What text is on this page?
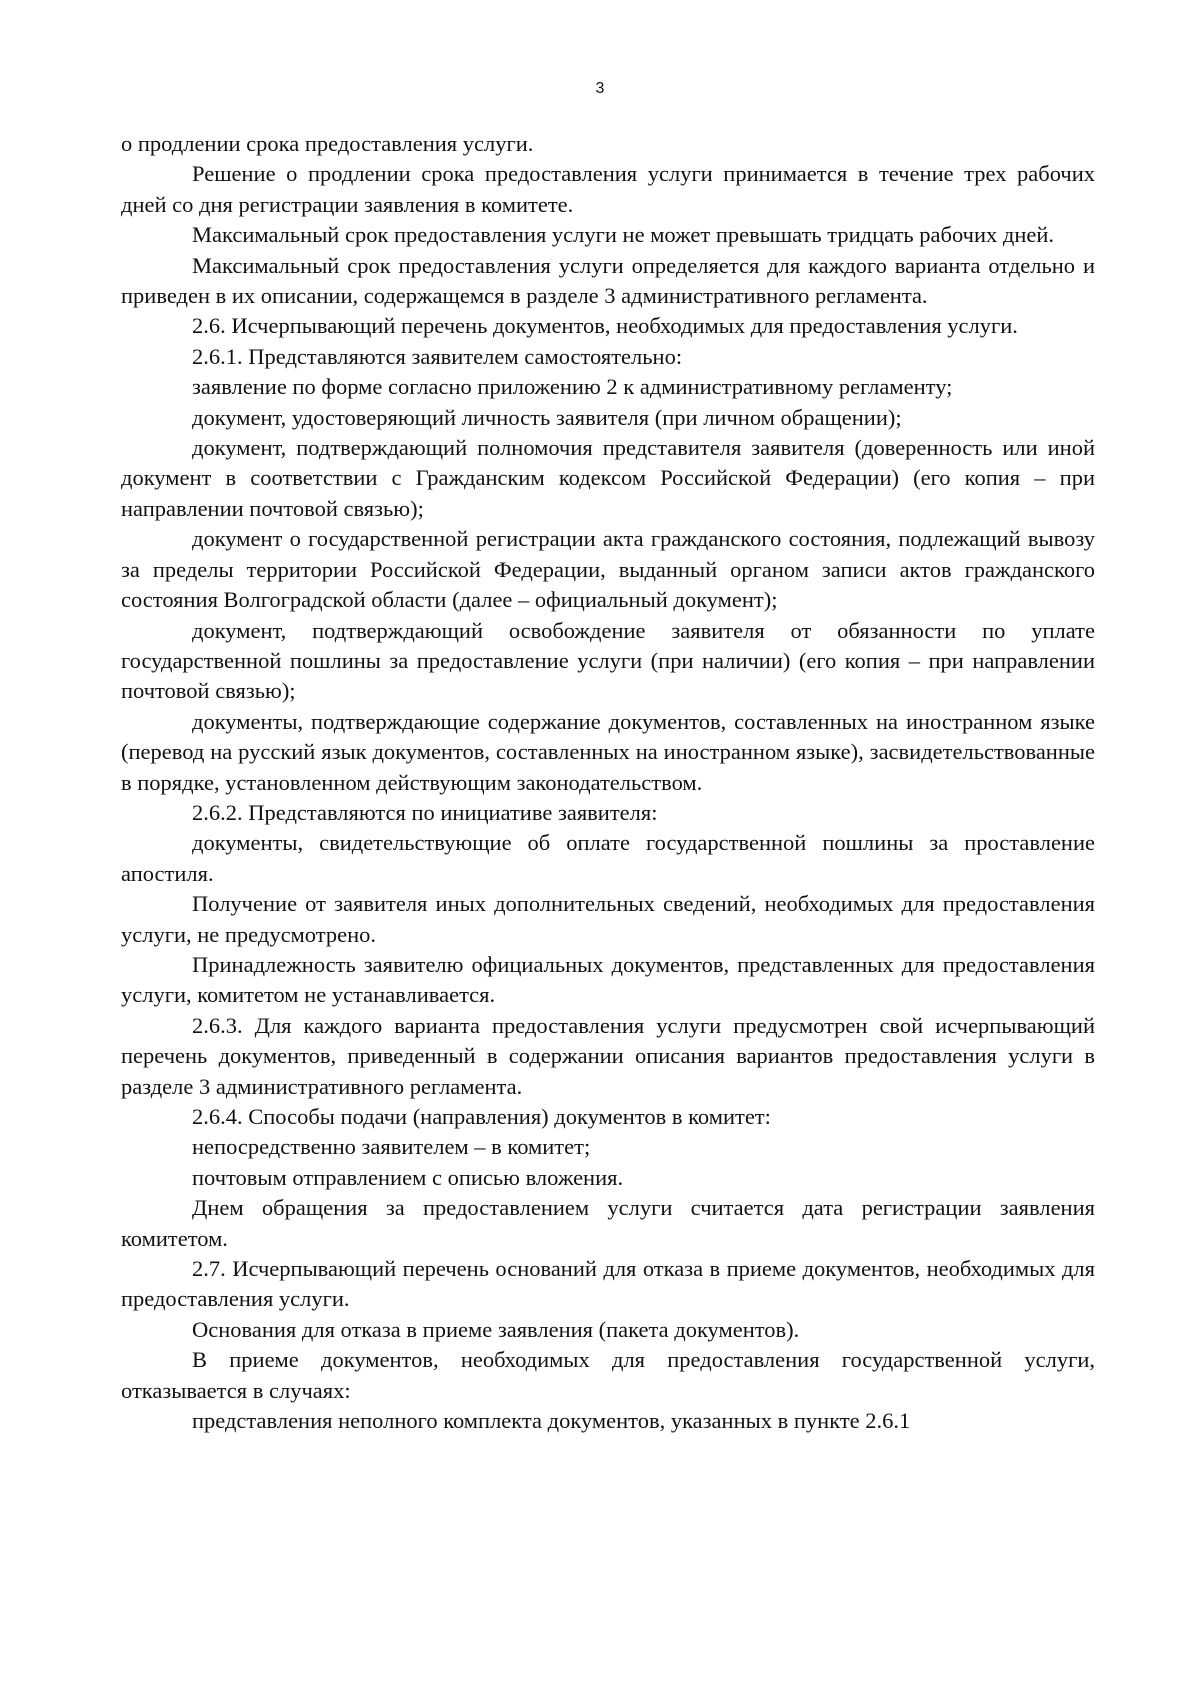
3

о продлении срока предоставления услуги.

Решение о продлении срока предоставления услуги принимается в течение трех рабочих дней со дня регистрации заявления в комитете.

Максимальный срок предоставления услуги не может превышать тридцать рабочих дней.

Максимальный срок предоставления услуги определяется для каждого варианта отдельно и приведен в их описании, содержащемся в разделе 3 административного регламента.

2.6. Исчерпывающий перечень документов, необходимых для предоставления услуги.

2.6.1. Представляются заявителем самостоятельно:

заявление по форме согласно приложению 2 к административному регламенту;

документ, удостоверяющий личность заявителя (при личном обращении);

документ, подтверждающий полномочия представителя заявителя (доверенность или иной документ в соответствии с Гражданским кодексом Российской Федерации) (его копия – при направлении почтовой связью);

документ о государственной регистрации акта гражданского состояния, подлежащий вывозу за пределы территории Российской Федерации, выданный органом записи актов гражданского состояния Волгоградской области (далее – официальный документ);

документ, подтверждающий освобождение заявителя от обязанности по уплате государственной пошлины за предоставление услуги (при наличии) (его копия – при направлении почтовой связью);

документы, подтверждающие содержание документов, составленных на иностранном языке (перевод на русский язык документов, составленных на иностранном языке), засвидетельствованные в порядке, установленном действующим законодательством.

2.6.2. Представляются по инициативе заявителя:

документы, свидетельствующие об оплате государственной пошлины за проставление апостиля.

Получение от заявителя иных дополнительных сведений, необходимых для предоставления услуги, не предусмотрено.

Принадлежность заявителю официальных документов, представленных для предоставления услуги, комитетом не устанавливается.

2.6.3. Для каждого варианта предоставления услуги предусмотрен свой исчерпывающий перечень документов, приведенный в содержании описания вариантов предоставления услуги в разделе 3 административного регламента.

2.6.4. Способы подачи (направления) документов в комитет:

непосредственно заявителем – в комитет;

почтовым отправлением с описью вложения.

Днем обращения за предоставлением услуги считается дата регистрации заявления комитетом.

2.7. Исчерпывающий перечень оснований для отказа в приеме документов, необходимых для предоставления услуги.

Основания для отказа в приеме заявления (пакета документов).

В приеме документов, необходимых для предоставления государственной услуги, отказывается в случаях:

представления неполного комплекта документов, указанных в пункте 2.6.1
